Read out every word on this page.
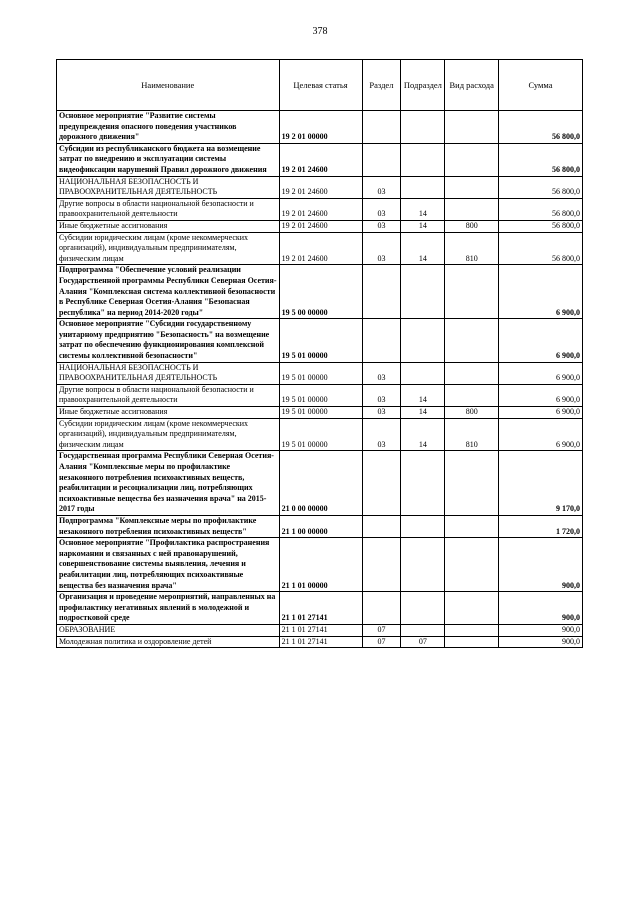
378
Наименование	Целевая статья	Раздел	Подраздел	Вид расхода	Сумма
Основное мероприятие "Развитие системы предупреждения опасного поведения участников дорожного движения"	19 2 01 00000				56 800,0
Субсидии из республиканского бюджета на возмещение затрат по внедрению и эксплуатации системы видеофиксации нарушений Правил дорожного движения	19 2 01 24600				56 800,0
НАЦИОНАЛЬНАЯ БЕЗОПАСНОСТЬ И ПРАВООХРАНИТЕЛЬНАЯ ДЕЯТЕЛЬНОСТЬ	19 2 01 24600	03			56 800,0
Другие вопросы в области национальной безопасности и правоохранительной деятельности	19 2 01 24600	03	14		56 800,0
Иные бюджетные ассигнования	19 2 01 24600	03	14	800	56 800,0
Субсидии юридическим лицам (кроме некоммерческих организаций), индивидуальным предпринимателям, физическим лицам	19 2 01 24600	03	14	810	56 800,0
Подпрограмма "Обеспечение условий реализации Государственной программы Республики Северная Осетия-Алания "Комплексная система коллективной безопасности в Республике Северная Осетия-Алания "Безопасная республика" на период 2014-2020 годы"	19 5 00 00000				6 900,0
Основное мероприятие "Субсидии государственному унитарному предприятию "Безопасность" на возмещение затрат по обеспечению функционирования комплексной системы коллективной безопасности"	19 5 01 00000				6 900,0
НАЦИОНАЛЬНАЯ БЕЗОПАСНОСТЬ И ПРАВООХРАНИТЕЛЬНАЯ ДЕЯТЕЛЬНОСТЬ	19 5 01 00000	03			6 900,0
Другие вопросы в области национальной безопасности и правоохранительной деятельности	19 5 01 00000	03	14		6 900,0
Иные бюджетные ассигнования	19 5 01 00000	03	14	800	6 900,0
Субсидии юридическим лицам (кроме некоммерческих организаций), индивидуальным предпринимателям, физическим лицам	19 5 01 00000	03	14	810	6 900,0
Государственная программа Республики Северная Осетия-Алания "Комплексные меры по профилактике незаконного потребления психоактивных веществ, реабилитации и ресоциализации лиц, потребляющих психоактивные вещества без назначения врача" на 2015-2017 годы	21 0 00 00000				9 170,0
Подпрограмма "Комплексные меры по профилактике незаконного потребления психоактивных веществ"	21 1 00 00000				1 720,0
Основное мероприятие "Профилактика распространения наркомании и связанных с ней правонарушений, совершенствование системы выявления, лечения и реабилитации лиц, потребляющих психоактивные вещества без назначения врача"	21 1 01 00000				900,0
Организация и проведение мероприятий, направленных на профилактику негативных явлений в молодежной и подростковой среде	21 1 01 27141				900,0
ОБРАЗОВАНИЕ	21 1 01 27141	07			900,0
Молодежная политика и оздоровление детей	21 1 01 27141	07	07		900,0
